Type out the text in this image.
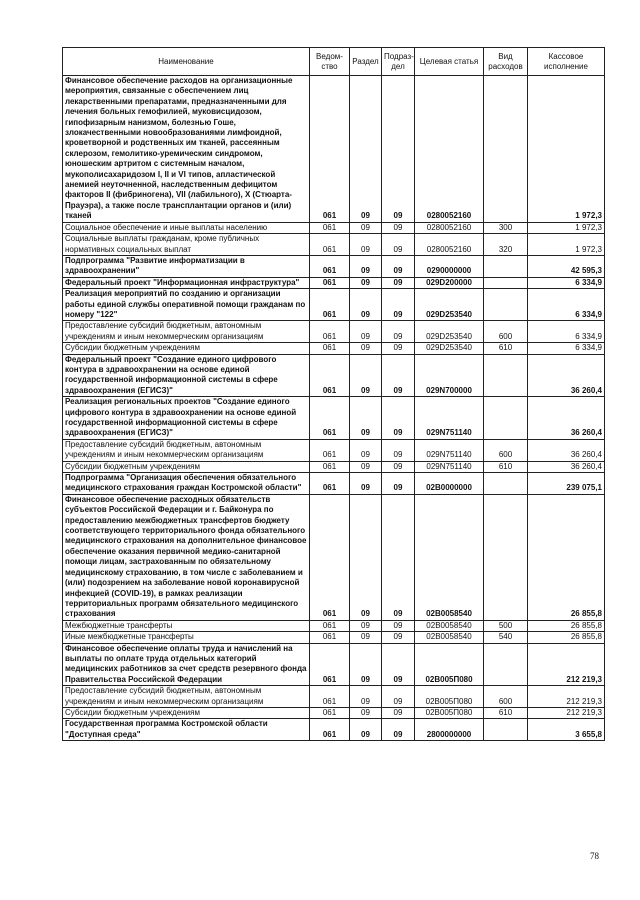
Наименование	Ведом-ство	Раздел	Подраз-дел	Целевая статья	Вид расходов	Кассовое исполнение
Финансовое обеспечение расходов на организационные мероприятия, связанные с обеспечением лиц лекарственными препаратами, предназначенными для лечения больных гемофилией, муковисцидозом, гипофизарным нанизмом, болезнью Гоше, злокачественными новообразованиями лимфоидной, кроветворной и родственных им тканей, рассеянным склерозом, гемолитико-уремическим синдромом, юношеским артритом с системным началом, мукополисахаридозом I, II и VI типов, апластической анемией неуточненной, наследственным дефицитом факторов II (фибриногена), VII (лабильного), X (Стюарта-Прауэра), а также после трансплантации органов и (или) тканей	061	09	09	0280052160		1 972,3
Социальное обеспечение и иные выплаты населению	061	09	09	0280052160	300	1 972,3
Социальные выплаты гражданам, кроме публичных нормативных социальных выплат	061	09	09	0280052160	320	1 972,3
Подпрограмма "Развитие информатизации в здравоохранении"	061	09	09	0290000000		42 595,3
Федеральный проект "Информационная инфраструктура"	061	09	09	029D200000		6 334,9
Реализация мероприятий по созданию и организации работы единой службы оперативной помощи гражданам по номеру "122"	061	09	09	029D253540		6 334,9
Предоставление субсидий бюджетным, автономным учреждениям и иным некоммерческим организациям	061	09	09	029D253540	600	6 334,9
Субсидии бюджетным учреждениям	061	09	09	029D253540	610	6 334,9
Федеральный проект "Создание единого цифрового контура в здравоохранении на основе единой государственной информационной системы в сфере здравоохранения (ЕГИСЗ)"	061	09	09	029N700000		36 260,4
Реализация региональных проектов "Создание единого цифрового контура в здравоохранении на основе единой государственной информационной системы в сфере здравоохранения (ЕГИСЗ)"	061	09	09	029N751140		36 260,4
Предоставление субсидий бюджетным, автономным учреждениям и иным некоммерческим организациям	061	09	09	029N751140	600	36 260,4
Субсидии бюджетным учреждениям	061	09	09	029N751140	610	36 260,4
Подпрограмма "Организация обеспечения обязательного медицинского страхования граждан Костромской области"	061	09	09	02B0000000		239 075,1
Финансовое обеспечение расходных обязательств субъектов Российской Федерации и г. Байконура по предоставлению межбюджетных трансфертов бюджету соответствующего территориального фонда обязательного медицинского страхования на дополнительное финансовое обеспечение оказания первичной медико-санитарной помощи лицам, застрахованным по обязательному медицинскому страхованию, в том числе с заболеванием и (или) подозрением на заболевание новой коронавирусной инфекцией (COVID-19), в рамках реализации территориальных программ обязательного медицинского страхования	061	09	09	02B0058540		26 855,8
Межбюджетные трансферты	061	09	09	02B0058540	500	26 855,8
Иные межбюджетные трансферты	061	09	09	02B0058540	540	26 855,8
Финансовое обеспечение оплаты труда и начислений на выплаты по оплате труда отдельных категорий медицинских работников за счет средств резервного фонда Правительства Российской Федерации	061	09	09	02B005П080		212 219,3
Предоставление субсидий бюджетным, автономным учреждениям и иным некоммерческим организациям	061	09	09	02B005П080	600	212 219,3
Субсидии бюджетным учреждениям	061	09	09	02B005П080	610	212 219,3
Государственная программа Костромской области "Доступная среда"	061	09	09	2800000000		3 655,8
78
